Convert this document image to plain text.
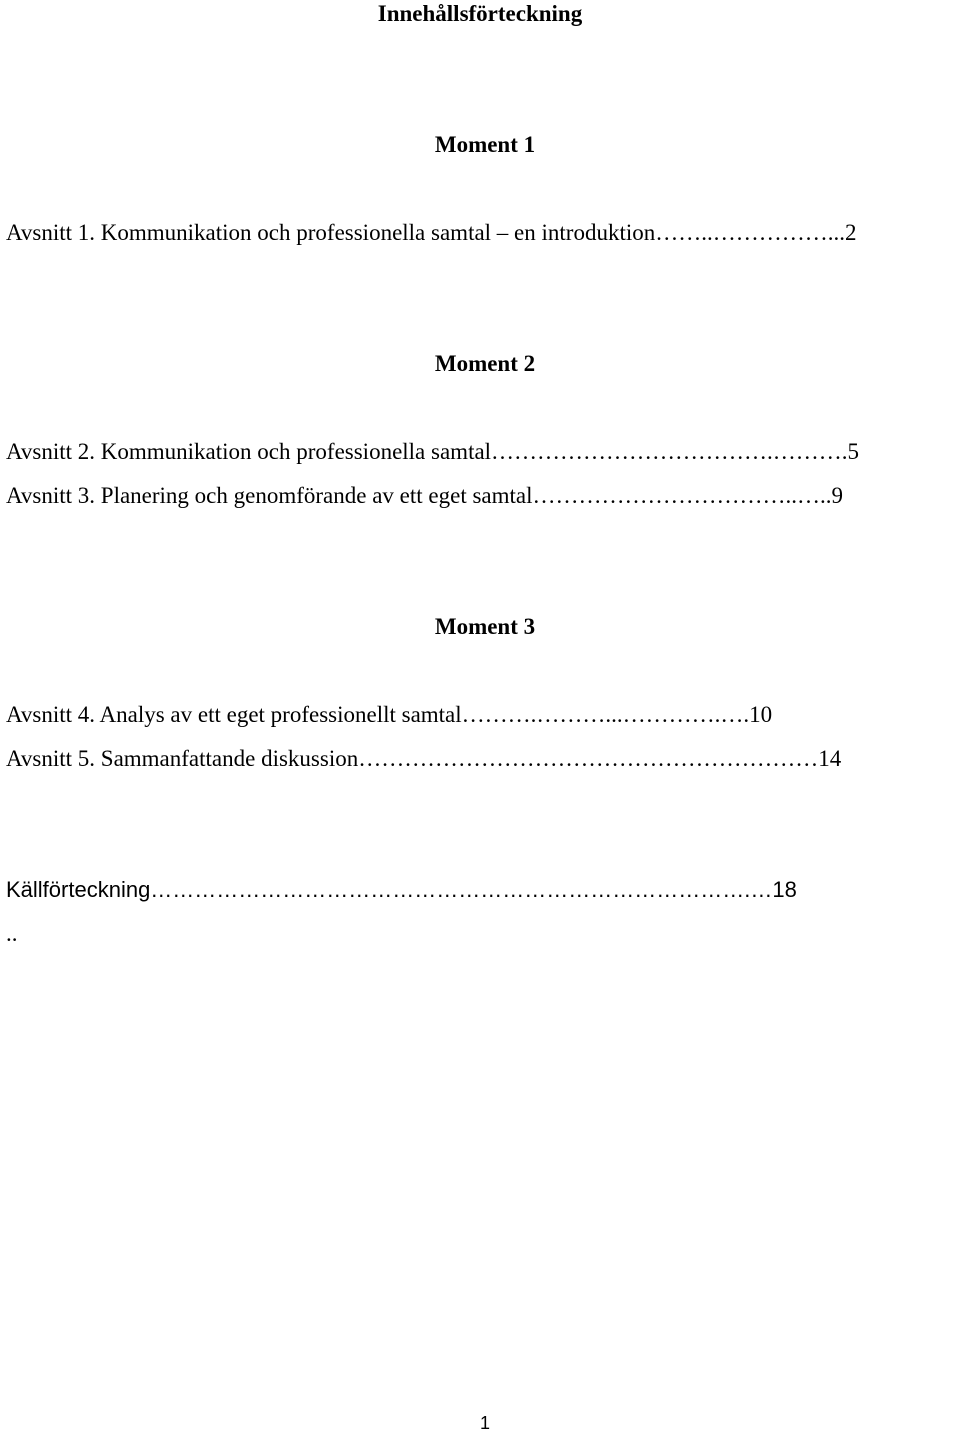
Innehållsförteckning
Moment 1
Avsnitt 1. Kommunikation och professionella samtal – en introduktion……..……………...2
Moment 2
Avsnitt 2. Kommunikation och professionella samtal……………………………….……….5
Avsnitt 3. Planering och genomförande av ett eget samtal……………………………..…..9
Moment 3
Avsnitt 4. Analys av ett eget professionellt samtal……….………...………….….10
Avsnitt 5. Sammanfattande diskussion……………………………………………………14
Källförteckning……………………………………………………………………….…18
..
1
